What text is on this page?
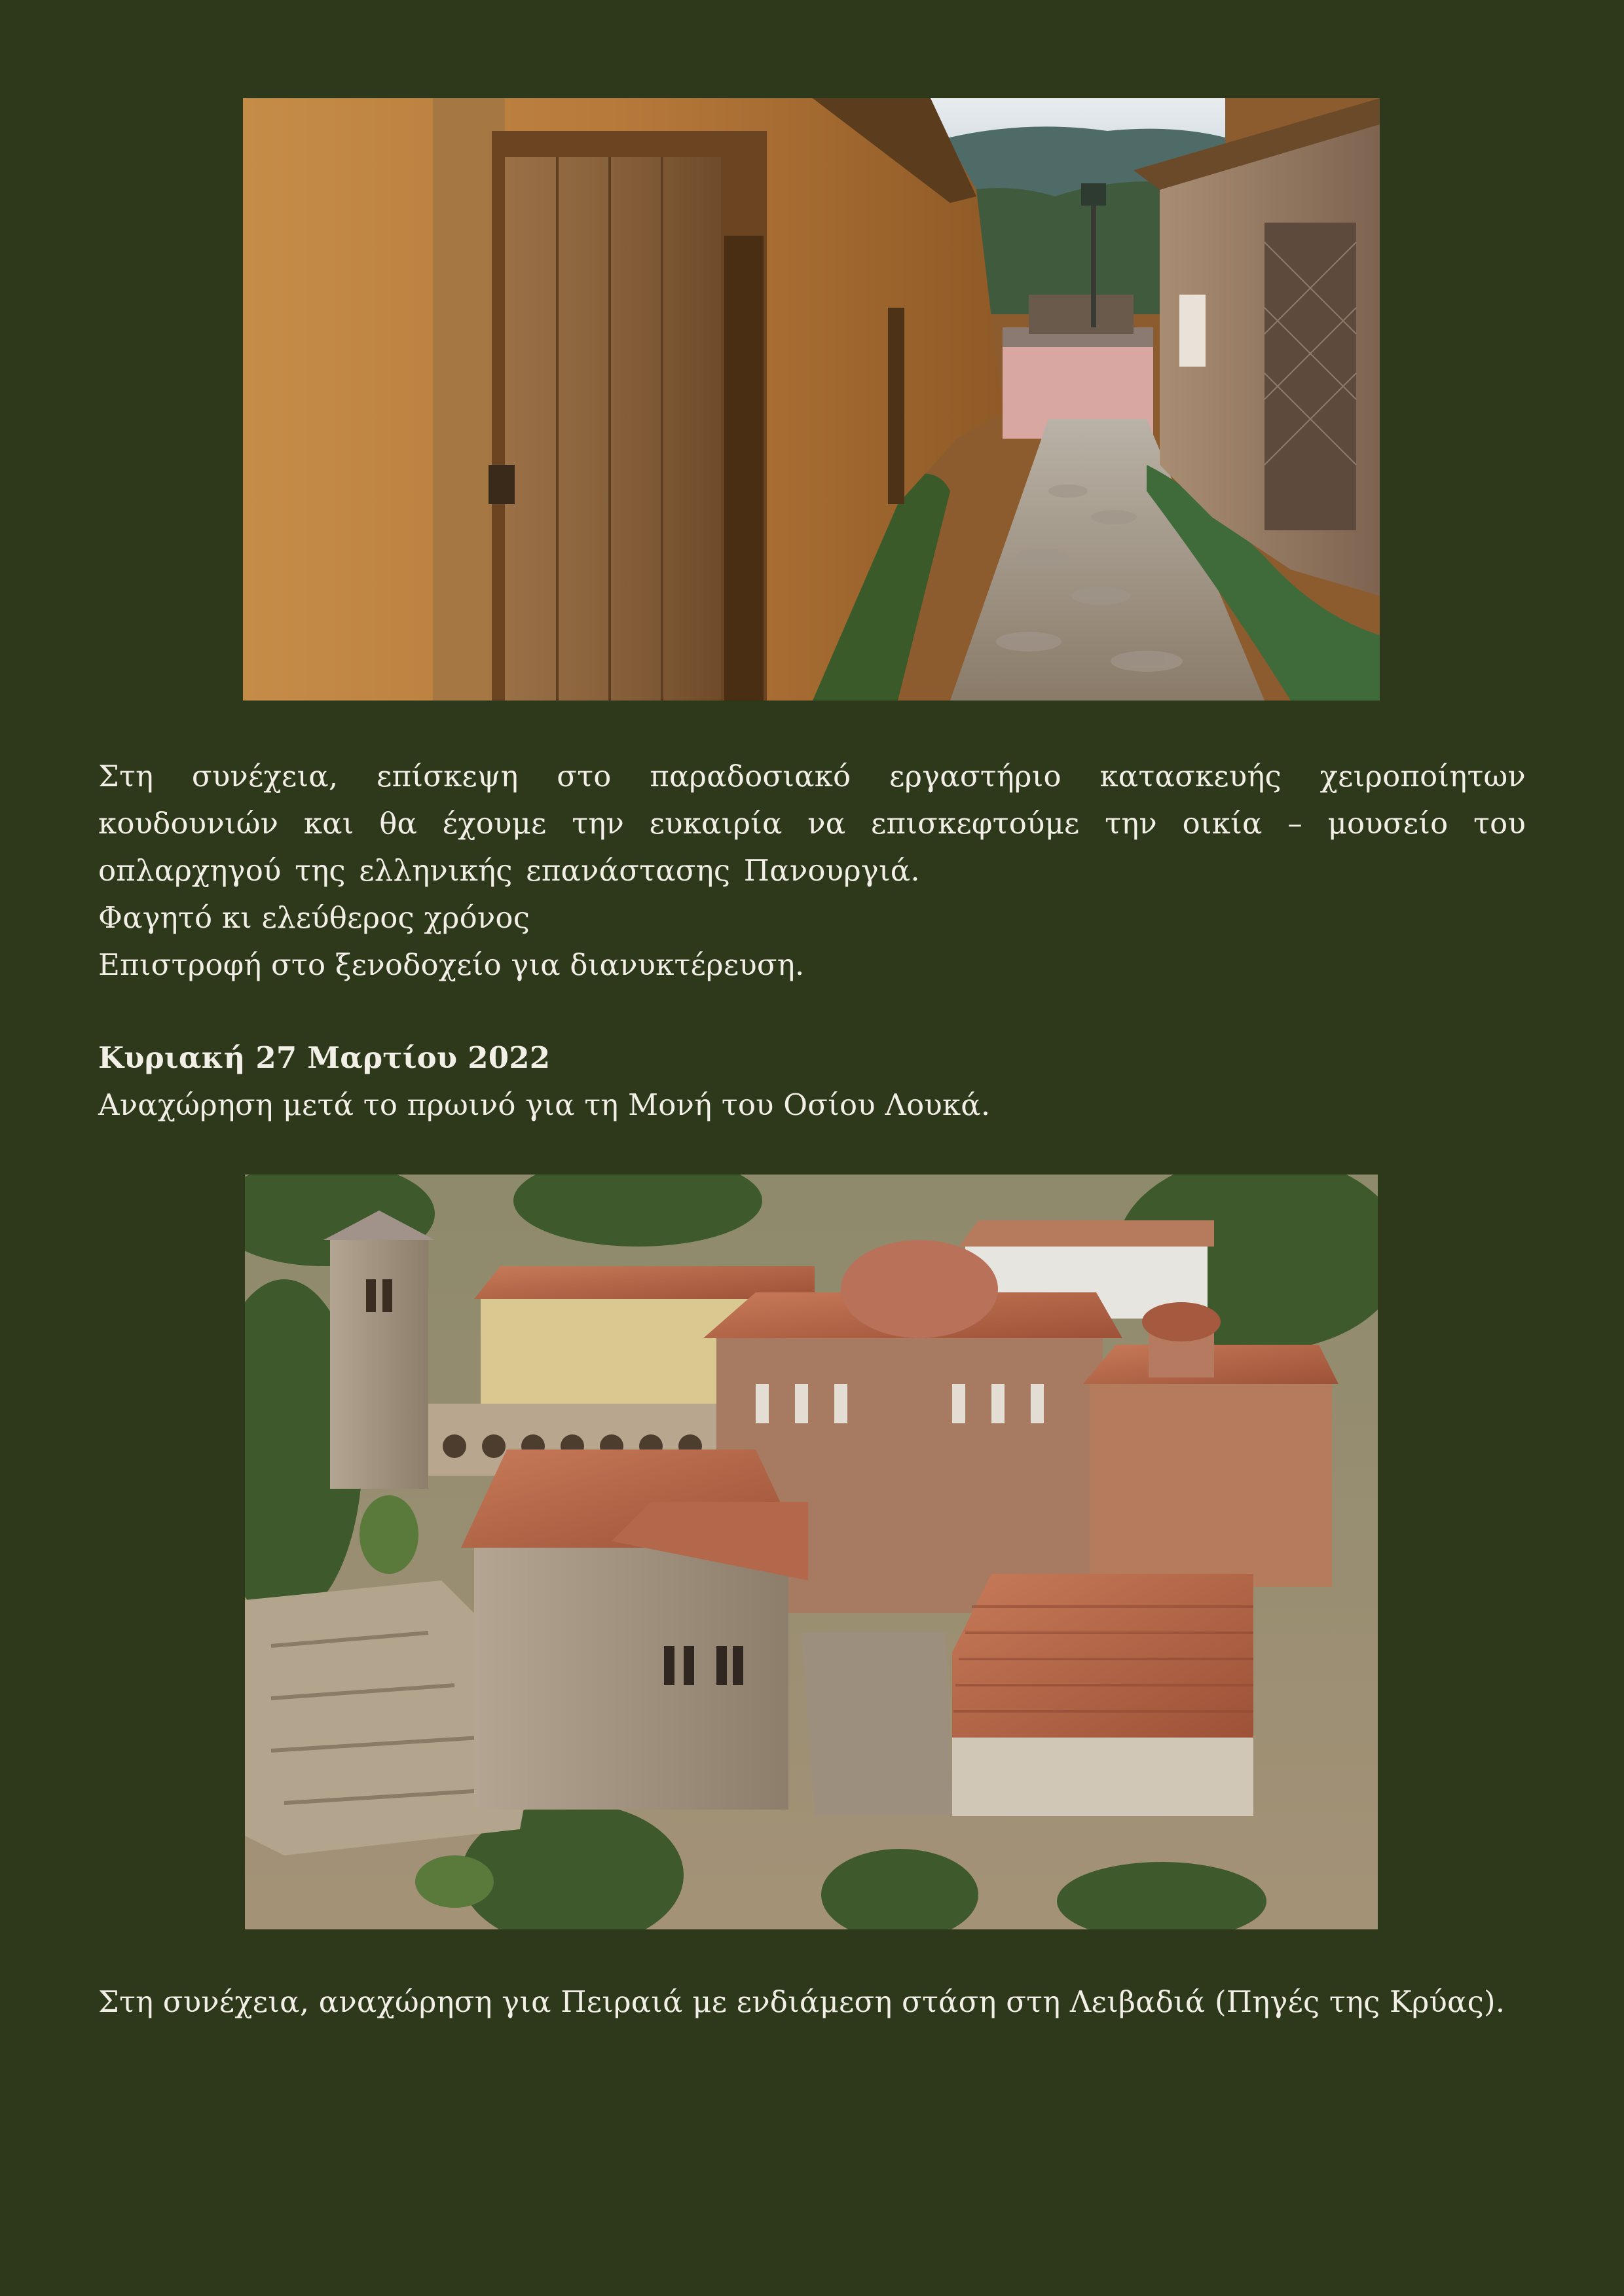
Στη συνέχεια, επίσκεψη στο παραδοσιακό εργαστήριο κατασκευής χειροποίητων κουδουνιών και θα έχουμε την ευκαιρία να επισκεφτούμε την οικία – μουσείο του οπλαρχηγού της ελληνικής επανάστασης Πανουργιά.
Φαγητό κι ελεύθερος χρόνος
Επιστροφή στο ξενοδοχείο για διανυκτέρευση.
Κυριακή 27 Μαρτίου 2022
Αναχώρηση μετά το πρωινό για τη Μονή του Οσίου Λουκά.
Στη συνέχεια, αναχώρηση για Πειραιά με ενδιάμεση στάση στη Λειβαδιά (Πηγές της Κρύας).
